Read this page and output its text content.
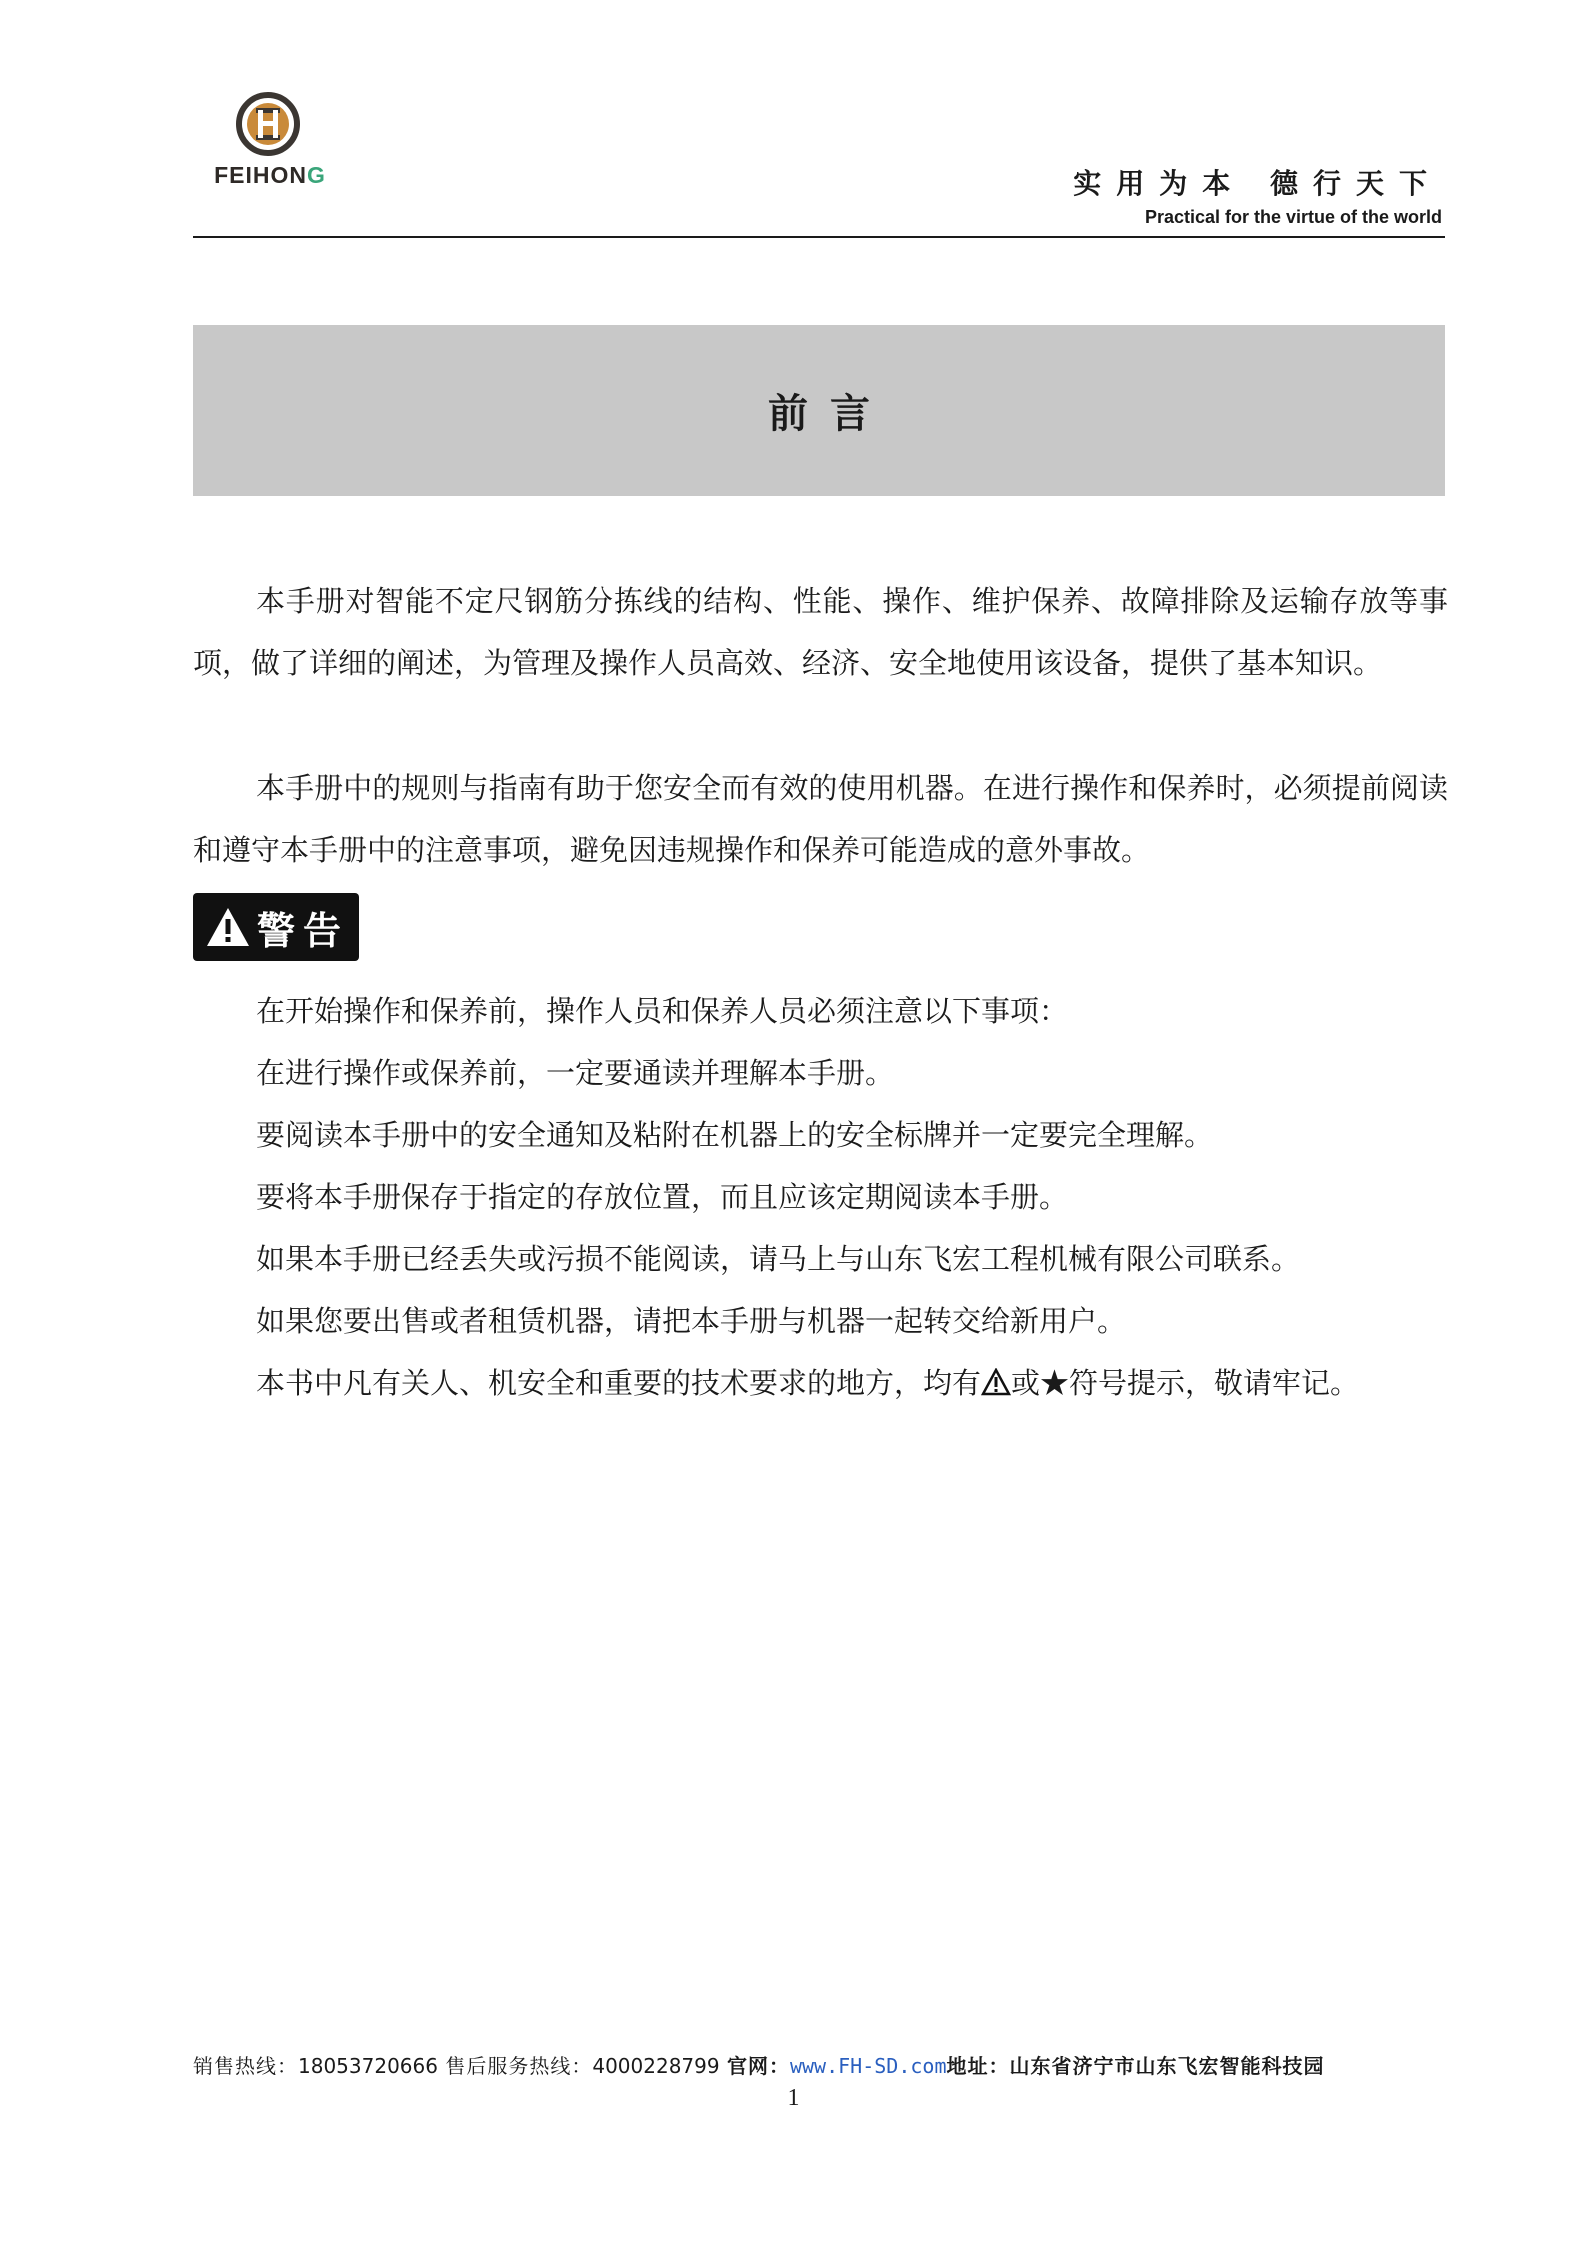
FEIHONG	实用为本 德行天下
Practical for the virtue of the world
前言

本手册对智能不定尺钢筋分拣线的结构、性能、操作、维护保养、故障排除及运输存放等事项，做了详细的阐述，为管理及操作人员高效、经济、安全地使用该设备，提供了基本知识。

本手册中的规则与指南有助于您安全而有效的使用机器。在进行操作和保养时，必须提前阅读和遵守本手册中的注意事项，避免因违规操作和保养可能造成的意外事故。

警告
在开始操作和保养前，操作人员和保养人员必须注意以下事项：
在进行操作或保养前，一定要通读并理解本手册。
要阅读本手册中的安全通知及粘附在机器上的安全标牌并一定要完全理解。
要将本手册保存于指定的存放位置，而且应该定期阅读本手册。
如果本手册已经丢失或污损不能阅读，请马上与山东飞宏工程机械有限公司联系。
如果您要出售或者租赁机器，请把本手册与机器一起转交给新用户。
本书中凡有关人、机安全和重要的技术要求的地方，均有 或★符号提示，敬请牢记。
销售热线：18053720666 售后服务热线：4000228799 官网：www.FH-SD.com地址：山东省济宁市山东飞宏智能科技园
1
